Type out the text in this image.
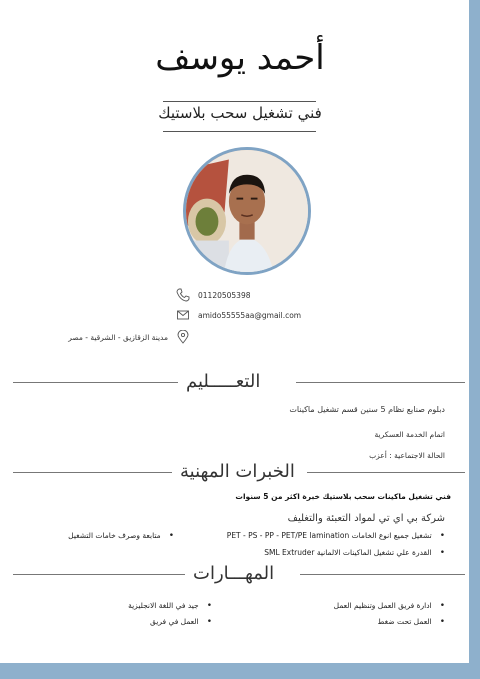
أحمد يوسف
فني تشغيل سحب بلاستيك
01120505398
amido55555aa@gmail.com
مدينة الزقازيق - الشرقية - مصر
التعـــــليم
دبلوم صنايع نظام 5 سنين قسم تشغيل ماكينات
اتمام الخدمة العسكرية
الحالة الاجتماعية : أعزب
الخبرات المهنية
فني تشغيل ماكينات سحب بلاستيك خبرة اكثر من 5 سنوات
شركة بي اي تي لمواد التعبئة والتغليف
• تشغيل جميع انوع الخامات PET - PS - PP - PET/PE lamination
• القدرة علي تشغيل الماكينات الالمانية SML Extruder
• متابعة وصرف خامات التشغيل
المهـــارات
• ادارة فريق العمل وتنظيم العمل
• العمل تحت ضغط
• جيد في اللغة الانجليزية
• العمل في فريق
